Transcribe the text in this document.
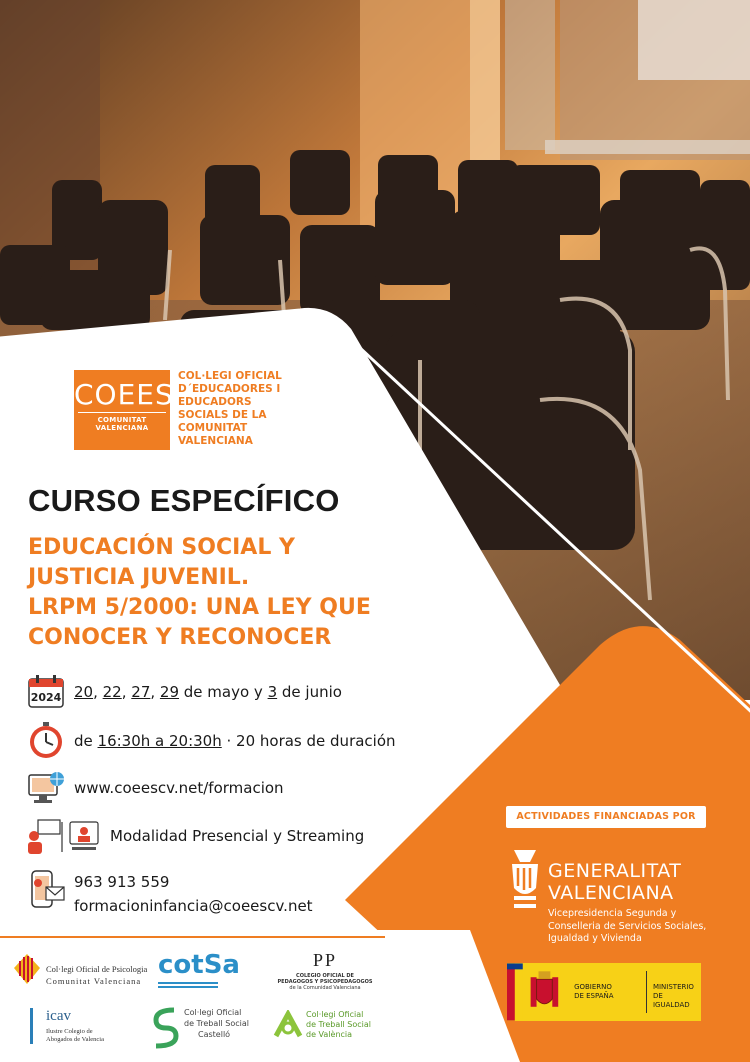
COEES
COMUNITAT VALENCIANA
COL·LEGI OFICIAL
D´EDUCADORES I
EDUCADORS
SOCIALS DE LA
COMUNITAT
VALENCIANA
CURSO ESPECÍFICO
EDUCACIÓN SOCIAL Y
JUSTICIA JUVENIL.
LRPM 5/2000: UNA LEY QUE
CONOCER Y RECONOCER
2024 20, 22, 27, 29 de mayo y 3 de junio
de 16:30h a 20:30h · 20 horas de duración
www.coeescv.net/formacion
Modalidad Presencial y Streaming
963 913 559
formacioninfancia@coeescv.net
ACTIVIDADES FINANCIADAS POR
GENERALITAT
VALENCIANA
Vicepresidencia Segunda y
Conselleria de Servicios Sociales,
Igualdad y Vivienda
GOBIERNO
DE ESPAÑA
MINISTERIO
DE IGUALDAD
Col·legi Oficial de Psicologia
Comunitat Valenciana
cotSa	PP
COLEGIO OFICIAL DE
PEDAGOGOS Y PSICOPEDAGOGOS
de la Comunidad Valenciana
icav
Ilustre Colegio de
Abogados de Valencia
Col·legi Oficial
de Treball Social
Castelló
Col·legi Oficial
de Treball Social
de València
